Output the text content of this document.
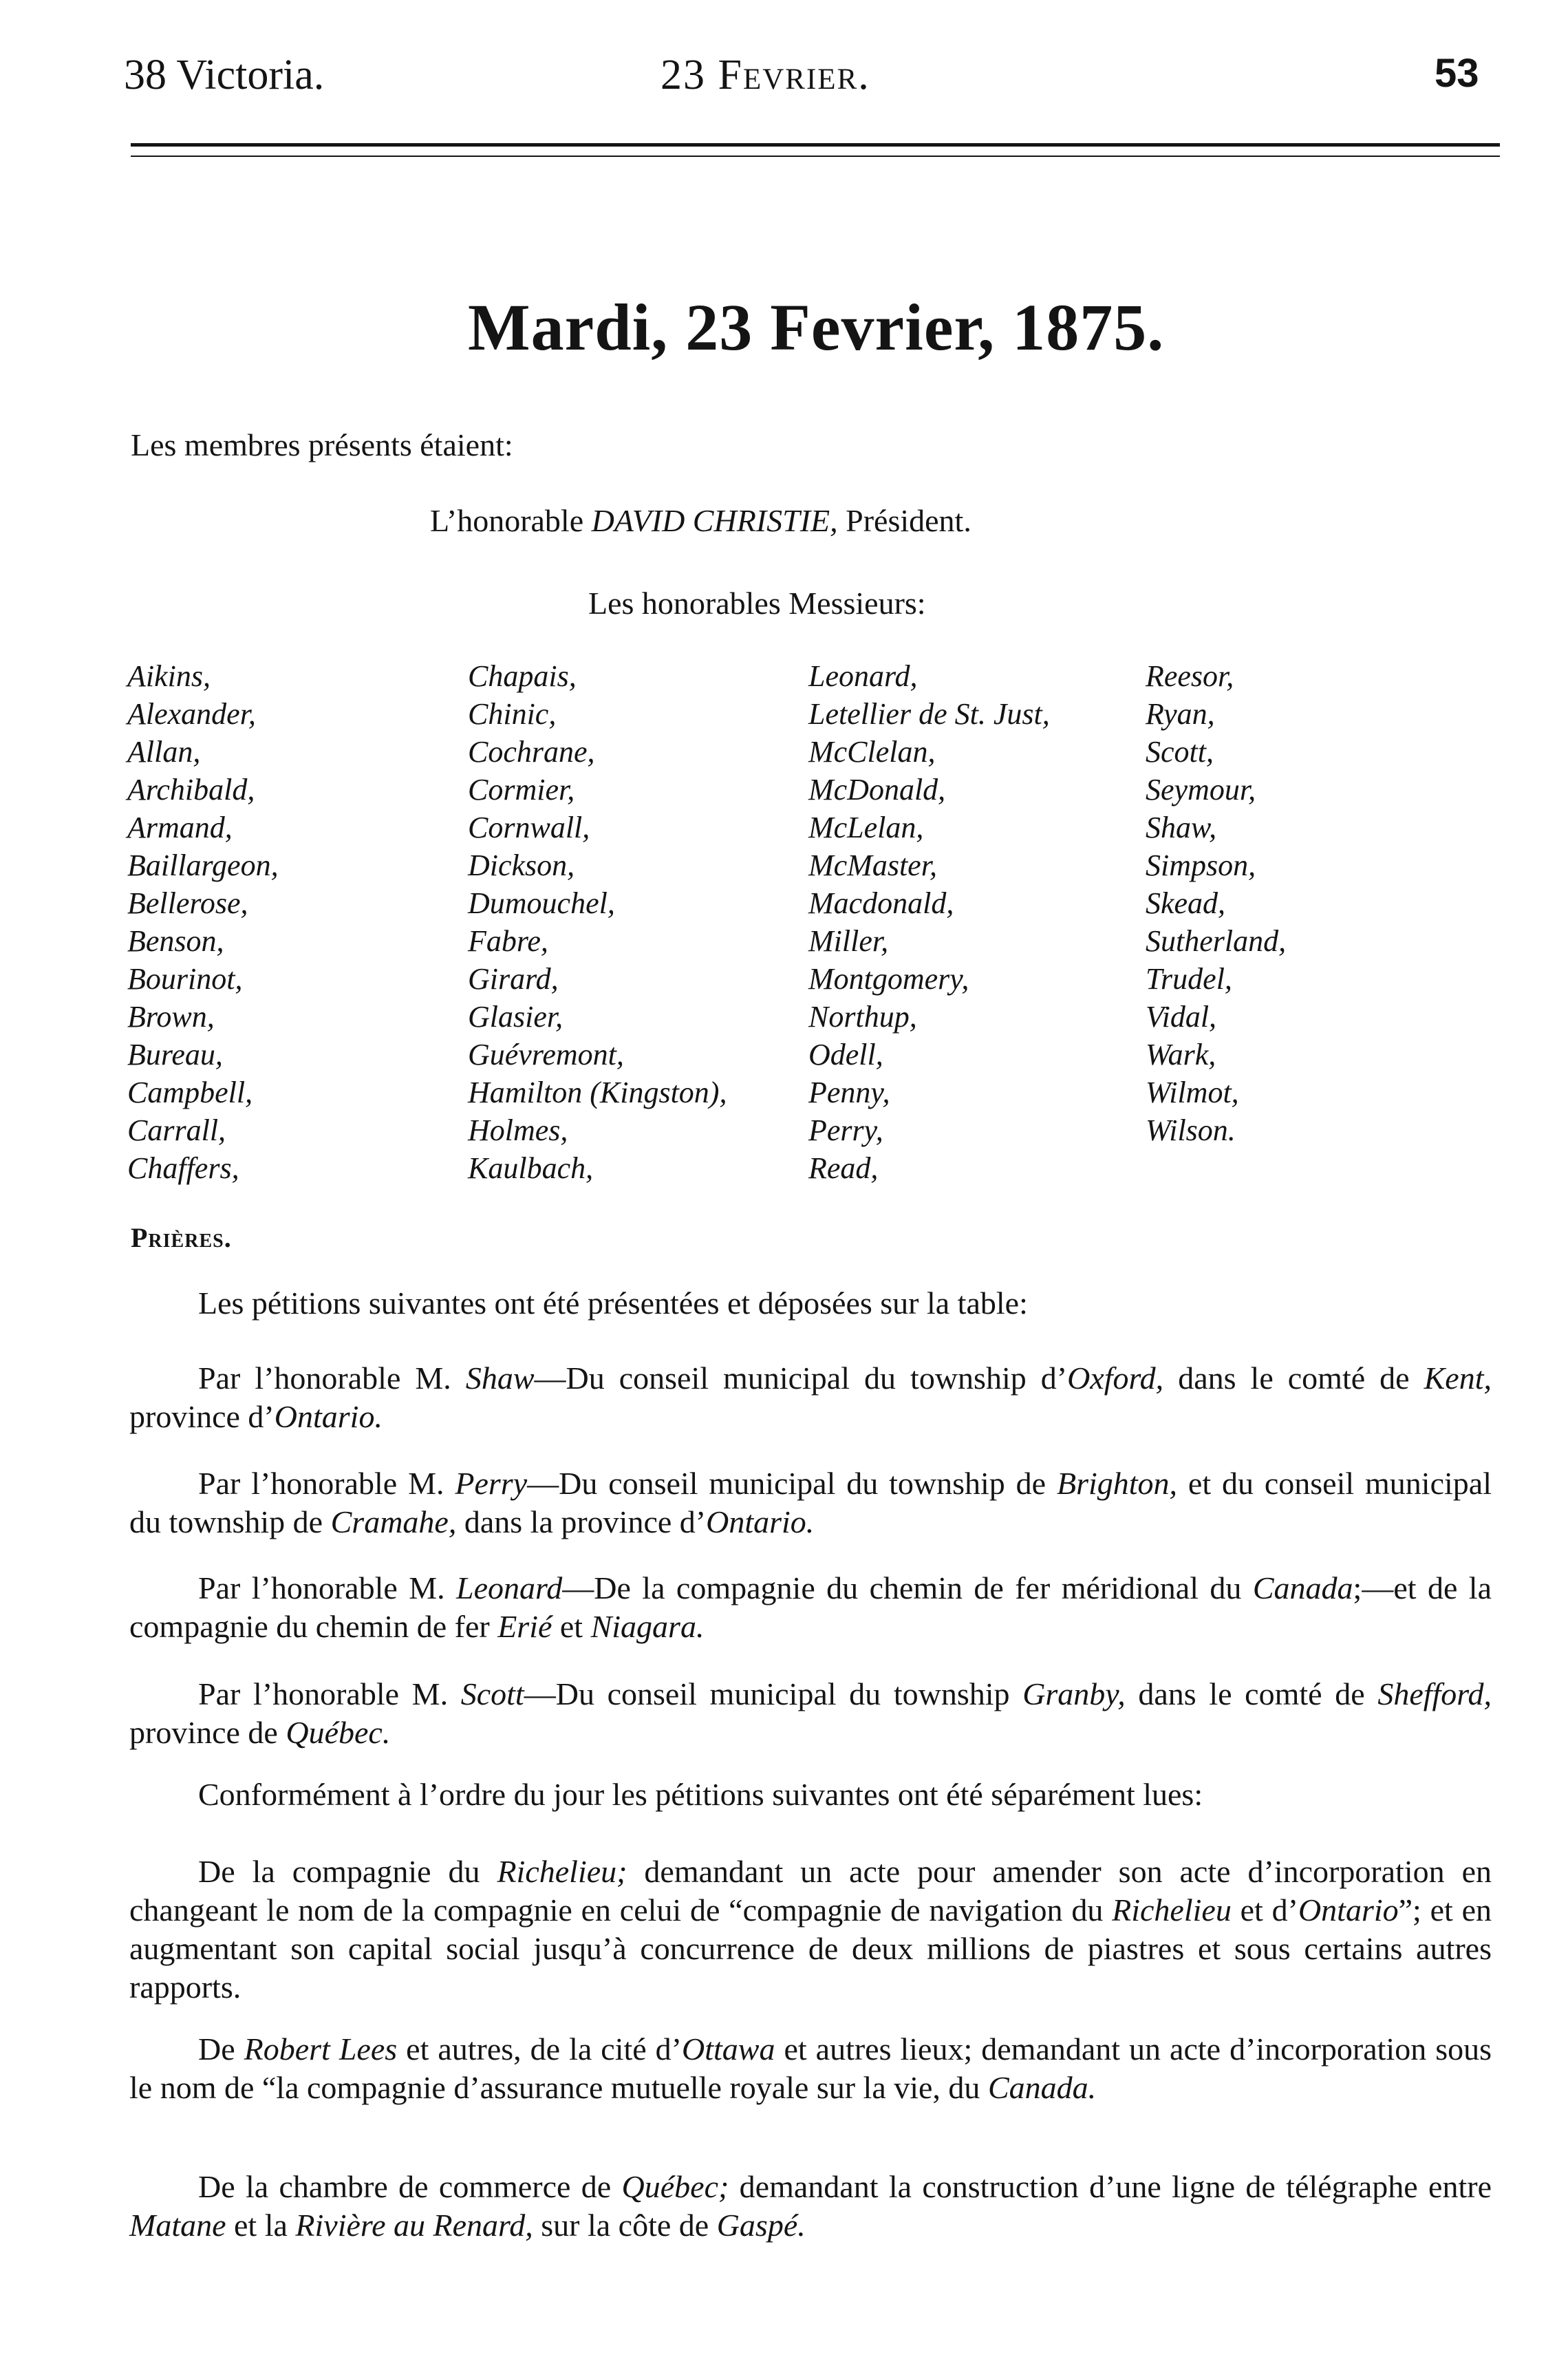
38 Victoria.	23 Fevrier.	53
Mardi, 23 Fevrier, 1875.
Les membres présents étaient:
L’honorable DAVID CHRISTIE, Président.
Les honorables Messieurs:
Aikins,
Alexander,
Allan,
Archibald,
Armand,
Baillargeon,
Bellerose,
Benson,
Bourinot,
Brown,
Bureau,
Campbell,
Carrall,
Chaffers,
Chapais,
Chinic,
Cochrane,
Cormier,
Cornwall,
Dickson,
Dumouchel,
Fabre,
Girard,
Glasier,
Guévremont,
Hamilton (Kingston),
Holmes,
Kaulbach,
Leonard,
Letellier de St. Just,
McClelan,
McDonald,
McLelan,
McMaster,
Macdonald,
Miller,
Montgomery,
Northup,
Odell,
Penny,
Perry,
Read,
Reesor,
Ryan,
Scott,
Seymour,
Shaw,
Simpson,
Skead,
Sutherland,
Trudel,
Vidal,
Wark,
Wilmot,
Wilson.
Prières.
Les pétitions suivantes ont été présentées et déposées sur la table:
Par l’honorable M. Shaw—Du conseil municipal du township d’Oxford, dans le comté de Kent, province d’Ontario.
Par l’honorable M. Perry—Du conseil municipal du township de Brighton, et du conseil municipal du township de Cramahe, dans la province d’Ontario.
Par l’honorable M. Leonard—De la compagnie du chemin de fer méridional du Canada;—et de la compagnie du chemin de fer Erié et Niagara.
Par l’honorable M. Scott—Du conseil municipal du township Granby, dans le comté de Shefford, province de Québec.
Conformément à l’ordre du jour les pétitions suivantes ont été séparément lues:
De la compagnie du Richelieu; demandant un acte pour amender son acte d’incorporation en changeant le nom de la compagnie en celui de “compagnie de navigation du Richelieu et d’Ontario”; et en augmentant son capital social jusqu’à concurrence de deux millions de piastres et sous certains autres rapports.
De Robert Lees et autres, de la cité d’Ottawa et autres lieux; demandant un acte d’incorporation sous le nom de “la compagnie d’assurance mutuelle royale sur la vie, du Canada.
De la chambre de commerce de Québec; demandant la construction d’une ligne de télégraphe entre Matane et la Rivière au Renard, sur la côte de Gaspé.
